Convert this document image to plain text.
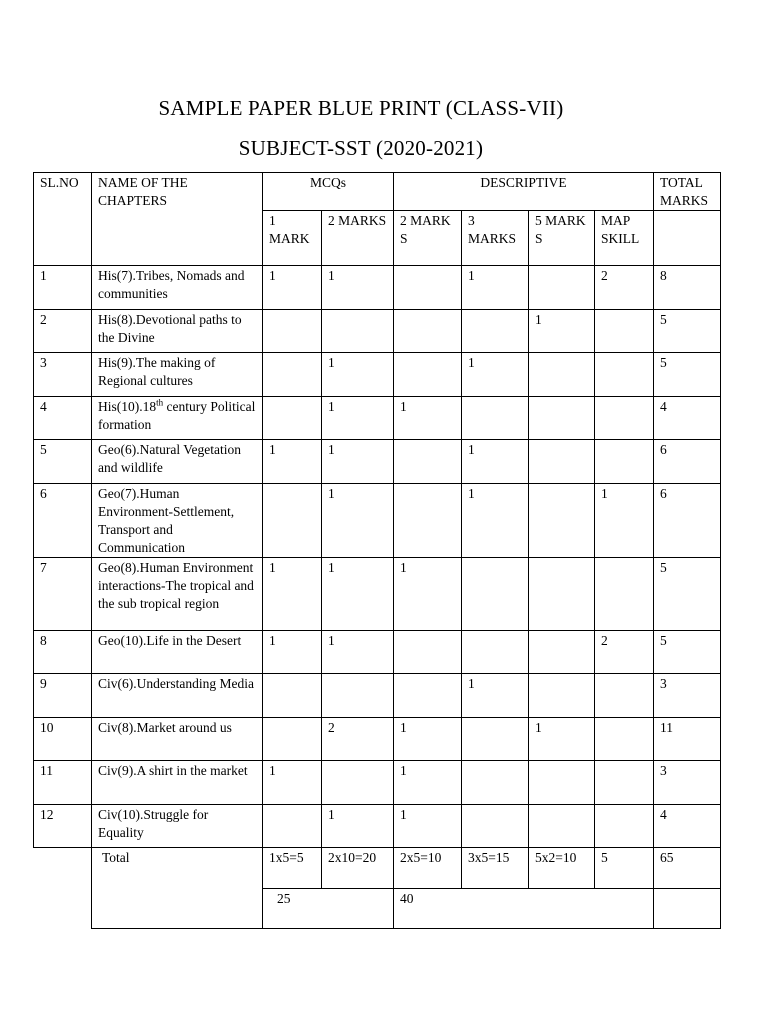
SAMPLE PAPER BLUE PRINT (CLASS-VII)
SUBJECT-SST (2020-2021)
SL.NO	NAME OF THE CHAPTERS	MCQs		DESCRIPTIVE				TOTAL MARKS
		1 MARK	2 MARKS	2 MARK S	3 MARKS	5 MARK S	MAP SKILL	
1	His(7).Tribes, Nomads and communities	1	1		1		2	8
2	His(8).Devotional paths to the Divine					1		5
3	His(9).The making of Regional cultures		1		1			5
4	His(10).18th century Political formation		1	1				4
5	Geo(6).Natural Vegetation and wildlife	1	1		1			6
6	Geo(7).Human Environment-Settlement, Transport and Communication		1		1		1	6
7	Geo(8).Human Environment interactions-The tropical and the sub tropical region	1	1	1				5
8	Geo(10).Life in the Desert	1	1				2	5
9	Civ(6).Understanding Media				1			3
10	Civ(8).Market around us		2	1		1		11
11	Civ(9).A shirt in the market	1		1				3
12	Civ(10).Struggle for Equality		1	1				4
	Total	1x5=5	2x10=20	2x5=10	3x5=15	5x2=10	5	65
		25		40				
